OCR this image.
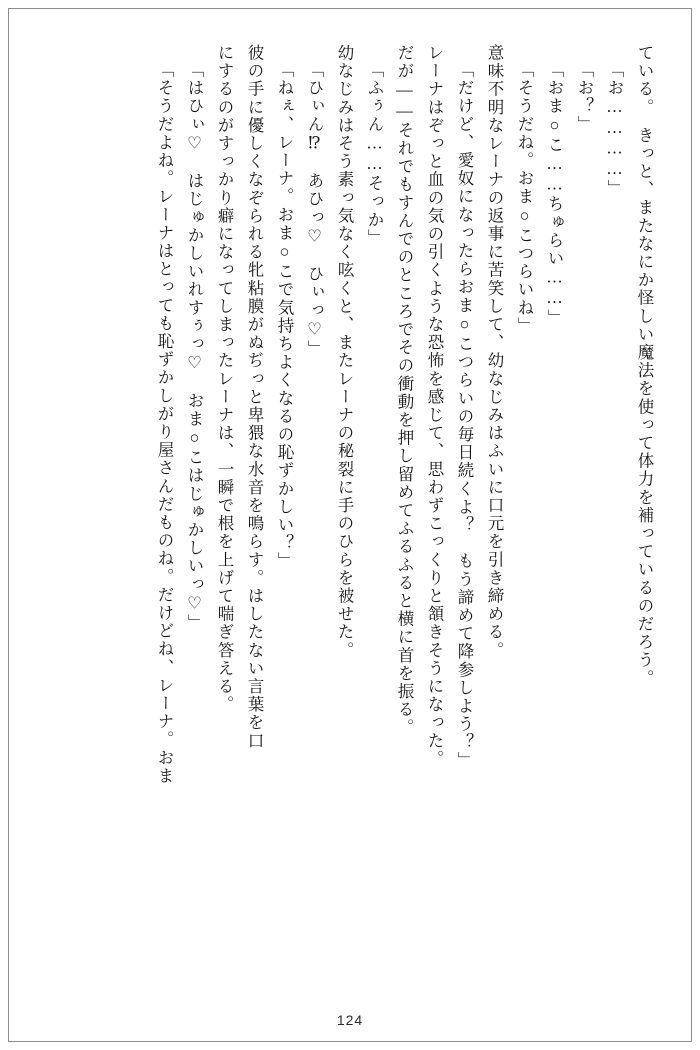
ている。　きっと、またなにか怪しい魔法を使って体力を補っているのだろう。
「お…………」
「お？」
「おま○こ……ちゅらい……」
「そうだね。おま○こつらいね」
意味不明なレーナの返事に苦笑して、幼なじみはふいに口元を引き締める。
「だけど、愛奴になったらおま○こつらいの毎日続くよ？　もう諦めて降参しよう？」
レーナはぞっと血の気の引くような恐怖を感じて、思わずこっくりと頷きそうになった。
だが――それでもすんでのところでその衝動を押し留めてふるふると横に首を振る。
「ふぅん……そっか」
幼なじみはそう素っ気なく呟くと、またレーナの秘裂に手のひらを被せた。
「ひぃん⁉　あひっ♡　ひぃっ♡」
「ねぇ、レーナ。おま○こで気持ちよくなるの恥ずかしい？」
彼の手に優しくなぞられる牝粘膜がぬぢっと卑猥な水音を鳴らす。はしたない言葉を口
にするのがすっかり癖になってしまったレーナは、一瞬で根を上げて喘ぎ答える。
「はひぃ♡　はじゅかしいれすぅっ♡　おま○こはじゅかしいっ♡」
「そうだよね。レーナはとっても恥ずかしがり屋さんだものね。だけどね、レーナ。おま
124
